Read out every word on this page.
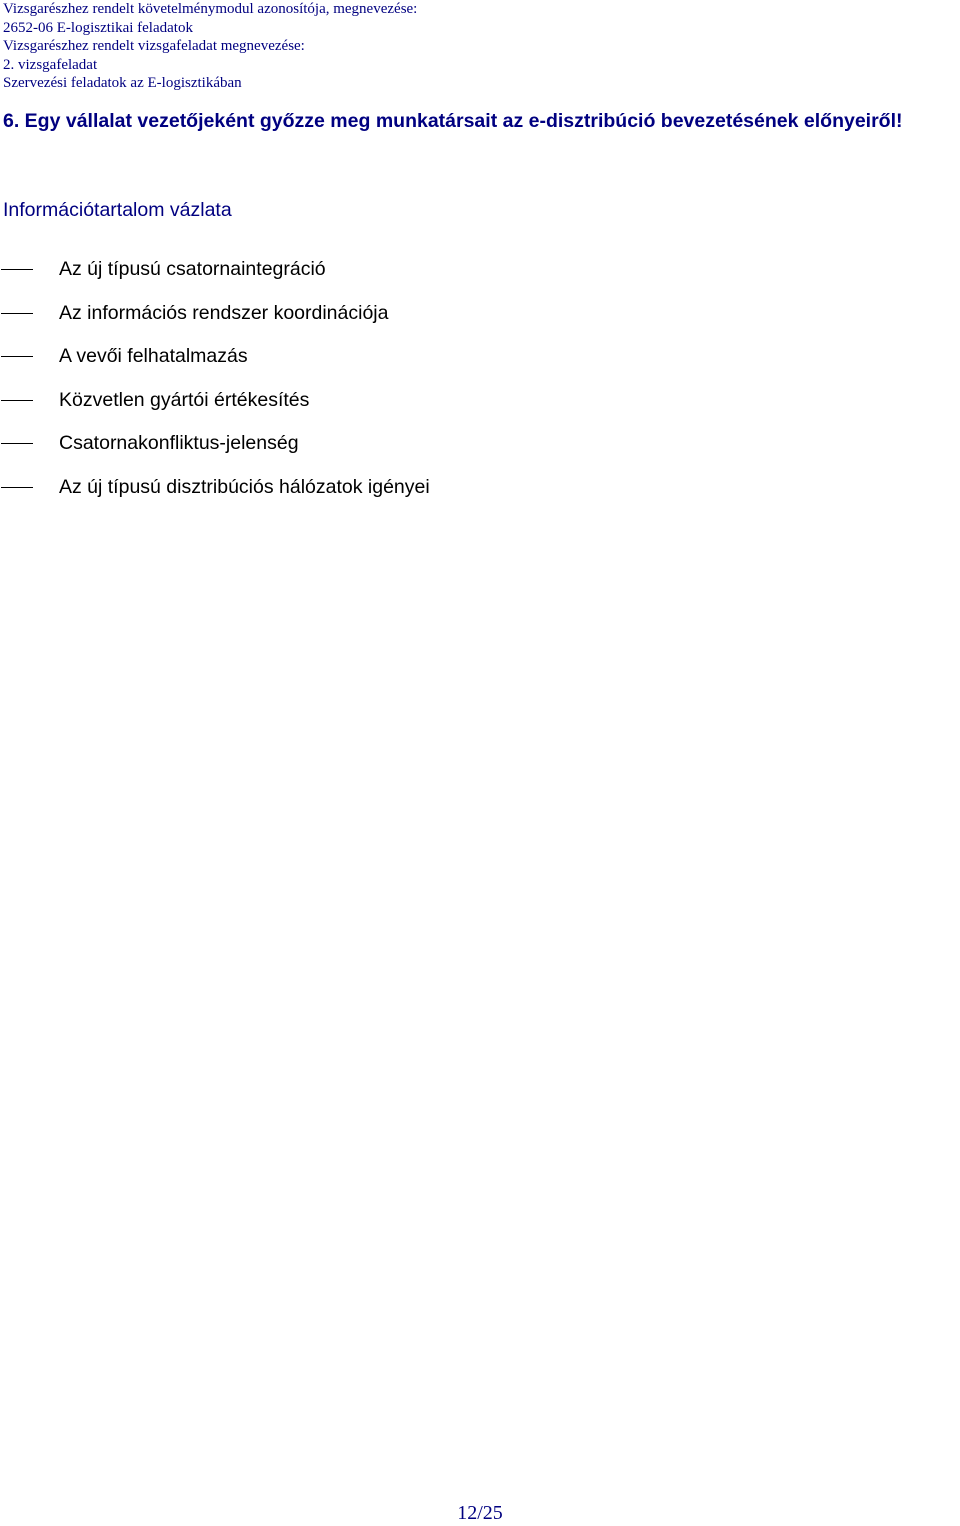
Vizsgarészhez rendelt követelménymodul azonosítója, megnevezése:
2652-06 E-logisztikai feladatok
Vizsgarészhez rendelt vizsgafeladat megnevezése:
2. vizsgafeladat
Szervezési feladatok az E-logisztikában
6. Egy vállalat vezetőjeként győzze meg munkatársait az e-disztribúció bevezetésének előnyeiről!
Információtartalom vázlata
Az új típusú csatornaintegráció
Az információs rendszer koordinációja
A vevői felhatalmazás
Közvetlen gyártói értékesítés
Csatornakonfliktus-jelenség
Az új típusú disztribúciós hálózatok igényei
12/25
